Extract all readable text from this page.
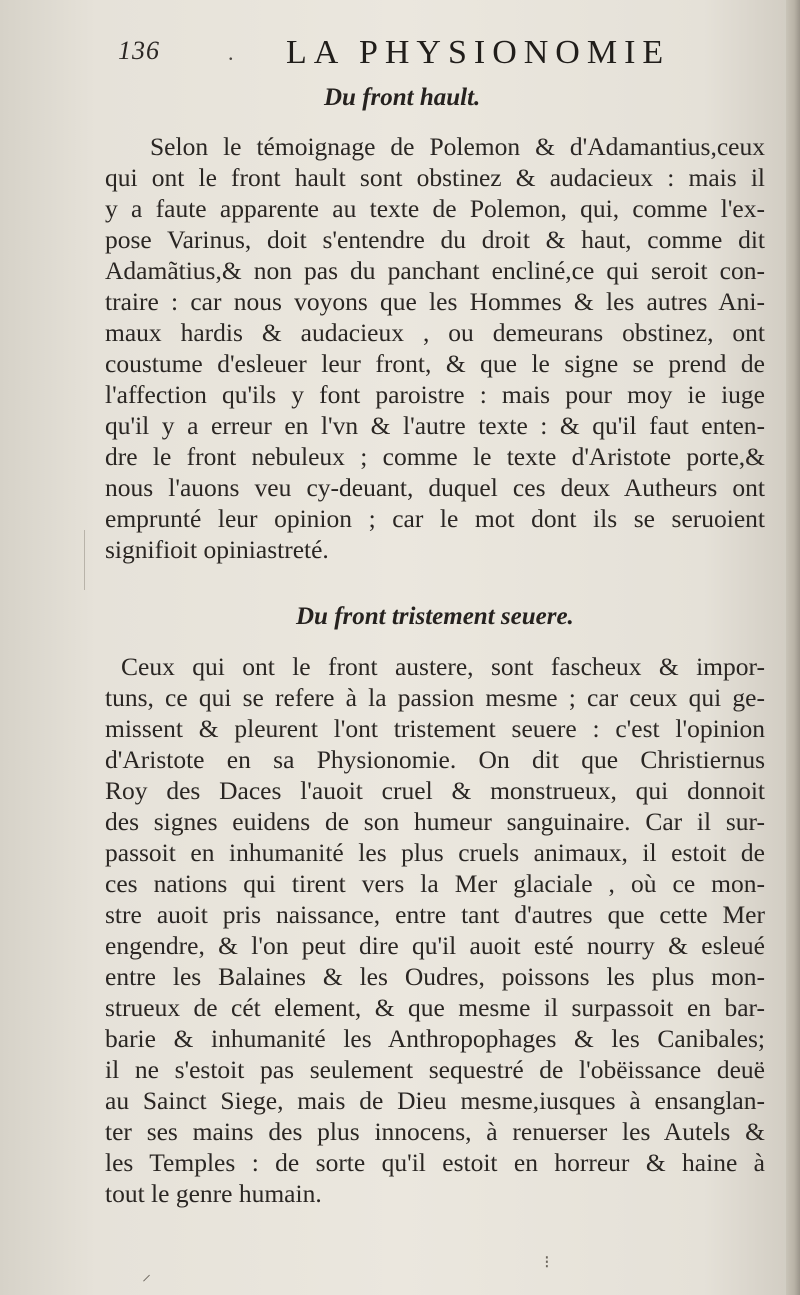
136	. LA PHYSIONOMIE
Du front hault.
Selon le témoignage de Polemon & d'Adamantius,ceux
qui ont le front hault sont obstinez & audacieux : mais il
y a faute apparente au texte de Polemon, qui, comme l'ex-
pose Varinus, doit s'entendre du droit & haut, comme dit
Adamãtius,& non pas du panchant encliné,ce qui seroit con-
traire : car nous voyons que les Hommes & les autres Ani-
maux hardis & audacieux , ou demeurans obstinez, ont
coustume d'esleuer leur front, & que le signe se prend de
l'affection qu'ils y font paroistre : mais pour moy ie iuge
qu'il y a erreur en l'vn & l'autre texte : & qu'il faut enten-
dre le front nebuleux ; comme le texte d'Aristote porte,&
nous l'auons veu cy-deuant, duquel ces deux Autheurs ont
emprunté leur opinion ; car le mot dont ils se seruoient
signifioit opiniastreté.
Du front tristement seuere.
Ceux qui ont le front austere, sont fascheux & impor-
tuns, ce qui se refere à la passion mesme ; car ceux qui ge-
missent & pleurent l'ont tristement seuere : c'est l'opinion
d'Aristote en sa Physionomie. On dit que Christiernus
Roy des Daces l'auoit cruel & monstrueux, qui donnoit
des signes euidens de son humeur sanguinaire. Car il sur-
passoit en inhumanité les plus cruels animaux, il estoit de
ces nations qui tirent vers la Mer glaciale , où ce mon-
stre auoit pris naissance, entre tant d'autres que cette Mer
engendre, & l'on peut dire qu'il auoit esté nourry & esleué
entre les Balaines & les Oudres, poissons les plus mon-
strueux de cét element, & que mesme il surpassoit en bar-
barie & inhumanité les Anthropophages & les Canibales;
il ne s'estoit pas seulement sequestré de l'obëissance deuë
au Sainct Siege, mais de Dieu mesme,iusques à ensanglan-
ter ses mains des plus innocens, à renuerser les Autels &
les Temples : de sorte qu'il estoit en horreur & haine à
tout le genre humain.
⸝
⁝
